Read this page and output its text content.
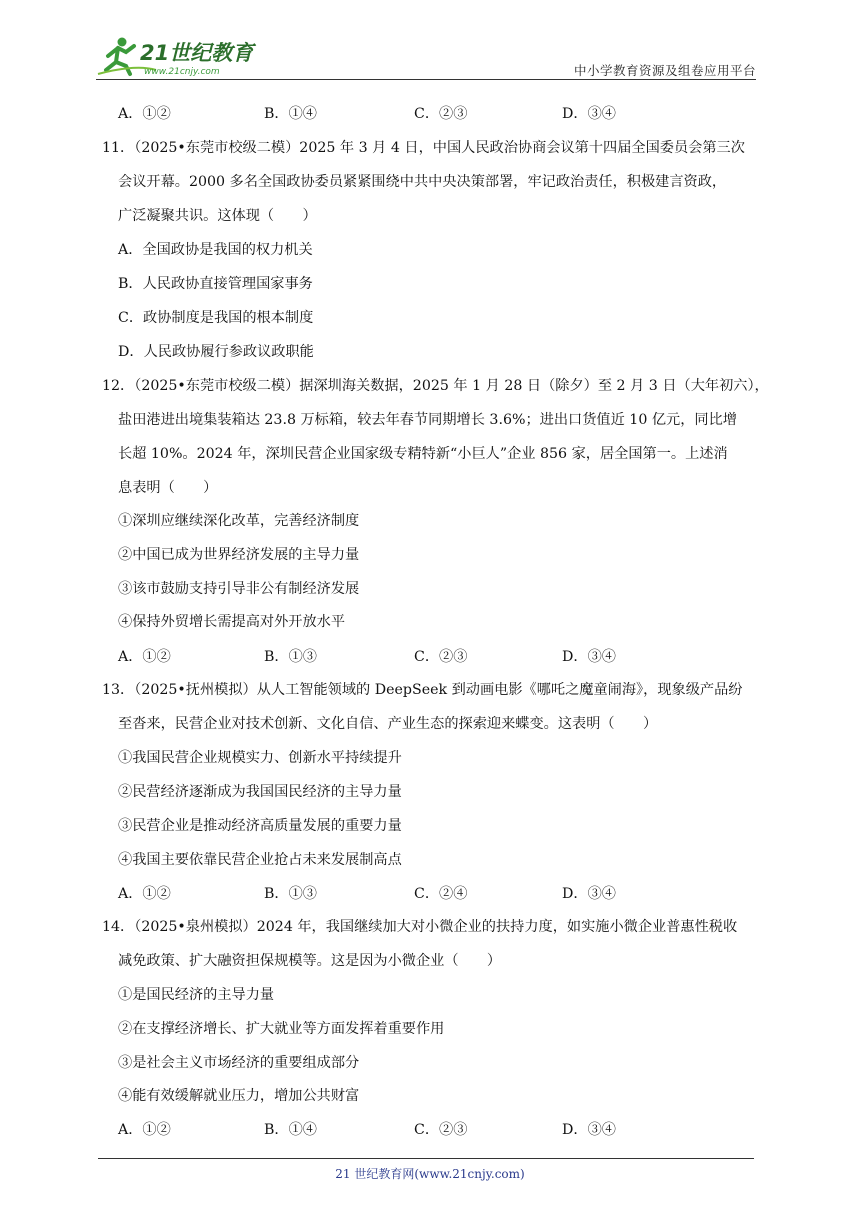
21世纪教育
www.21cnjy.com	中小学教育资源及组卷应用平台
A．①②	B．①④	C．②③	D．③④
11．（2025•东莞市校级二模）2025 年 3 月 4 日，中国人民政治协商会议第十四届全国委员会第三次
会议开幕。2000 多名全国政协委员紧紧围绕中共中央决策部署，牢记政治责任，积极建言资政，
广泛凝聚共识。这体现（　　）
A．全国政协是我国的权力机关
B．人民政协直接管理国家事务
C．政协制度是我国的根本制度
D．人民政协履行参政议政职能
12．（2025•东莞市校级二模）据深圳海关数据，2025 年 1 月 28 日（除夕）至 2 月 3 日（大年初六），
盐田港进出境集装箱达 23.8 万标箱，较去年春节同期增长 3.6%；进出口货值近 10 亿元，同比增
长超 10%。2024 年，深圳民营企业国家级专精特新“小巨人”企业 856 家，居全国第一。上述消
息表明（　　）
①深圳应继续深化改革，完善经济制度
②中国已成为世界经济发展的主导力量
③该市鼓励支持引导非公有制经济发展
④保持外贸增长需提高对外开放水平
A．①②	B．①③	C．②③	D．③④
13．（2025•抚州模拟）从人工智能领域的 DeepSeek 到动画电影《哪吒之魔童闹海》，现象级产品纷
至沓来，民营企业对技术创新、文化自信、产业生态的探索迎来蝶变。这表明（　　）
①我国民营企业规模实力、创新水平持续提升
②民营经济逐渐成为我国国民经济的主导力量
③民营企业是推动经济高质量发展的重要力量
④我国主要依靠民营企业抢占未来发展制高点
A．①②	B．①③	C．②④	D．③④
14．（2025•泉州模拟）2024 年，我国继续加大对小微企业的扶持力度，如实施小微企业普惠性税收
减免政策、扩大融资担保规模等。这是因为小微企业（　　）
①是国民经济的主导力量
②在支撑经济增长、扩大就业等方面发挥着重要作用
③是社会主义市场经济的重要组成部分
④能有效缓解就业压力，增加公共财富
A．①②	B．①④	C．②③	D．③④
21 世纪教育网(www.21cnjy.com)
